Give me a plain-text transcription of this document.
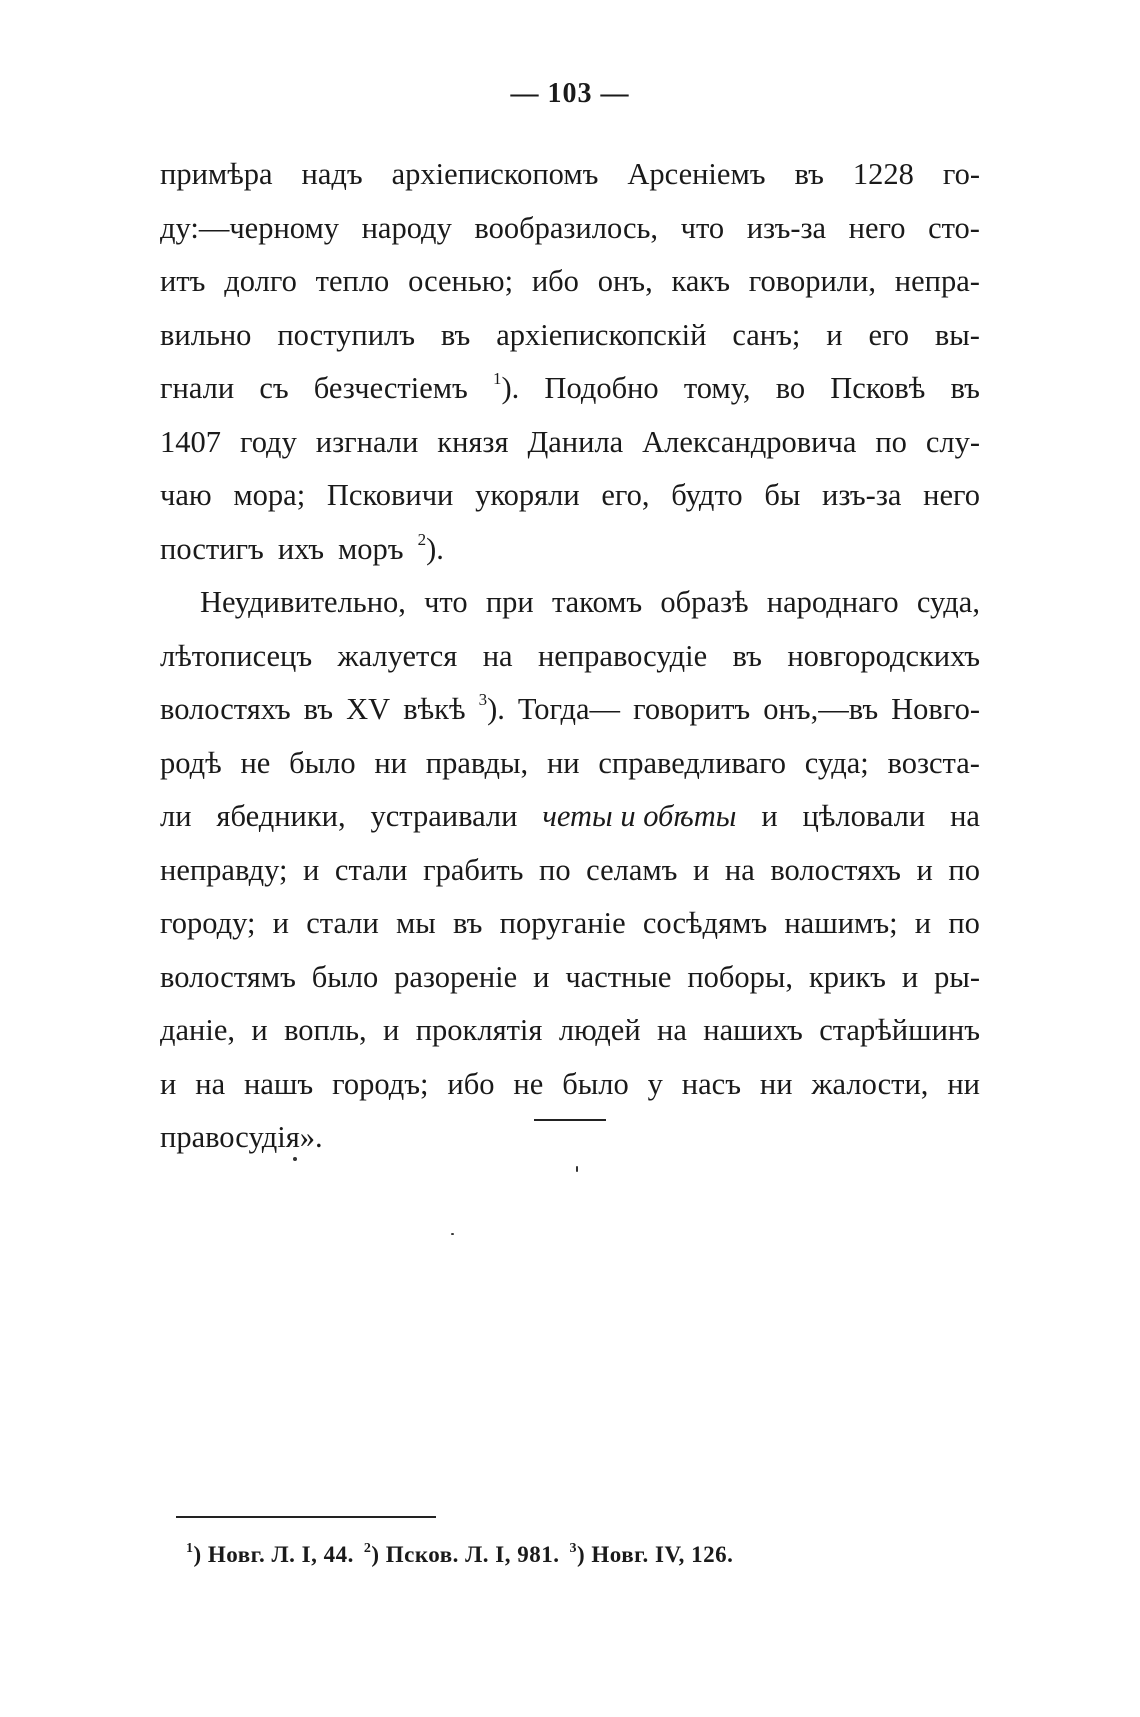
— 103 —
примѣра надъ архіепископомъ Арсеніемъ въ 1228 го-
ду:—черному народу вообразилось, что изъ-за него сто-
итъ долго тепло осенью; ибо онъ, какъ говорили, непра-
вильно поступилъ въ архіепископскій санъ; и его вы-
гнали съ безчестіемъ $^1$). Подобно тому, во Псковѣ въ
1407 году изгнали князя Данила Александровича по слу-
чаю мора; Псковичи укоряли его, будто бы изъ-за него
постигъ ихъ моръ $^2$).
Неудивительно, что при такомъ образѣ народнаго суда,
лѣтописецъ жалуется на неправосудіе въ новгородскихъ
волостяхъ въ XV вѣкѣ $^3$). Тогда— говоритъ онъ,—въ Новго-
родѣ не было ни правды, ни справедливаго суда; возста-
ли ябедники, устраивали четы и обѣты и цѣловали на
неправду; и стали грабить по селамъ и на волостяхъ и по
городу; и стали мы въ поруганіе сосѣдямъ нашимъ; и по
волостямъ было разореніе и частные поборы, крикъ и ры-
даніе, и вопль, и проклятія людей на нашихъ старѣйшинъ
и на нашъ городъ; ибо не было у насъ ни жалости, ни
правосудія».
$^1$) Новг. Л. I, 44. $^2$) Псков. Л. I, 981. $^3$) Новг. IV, 126.
